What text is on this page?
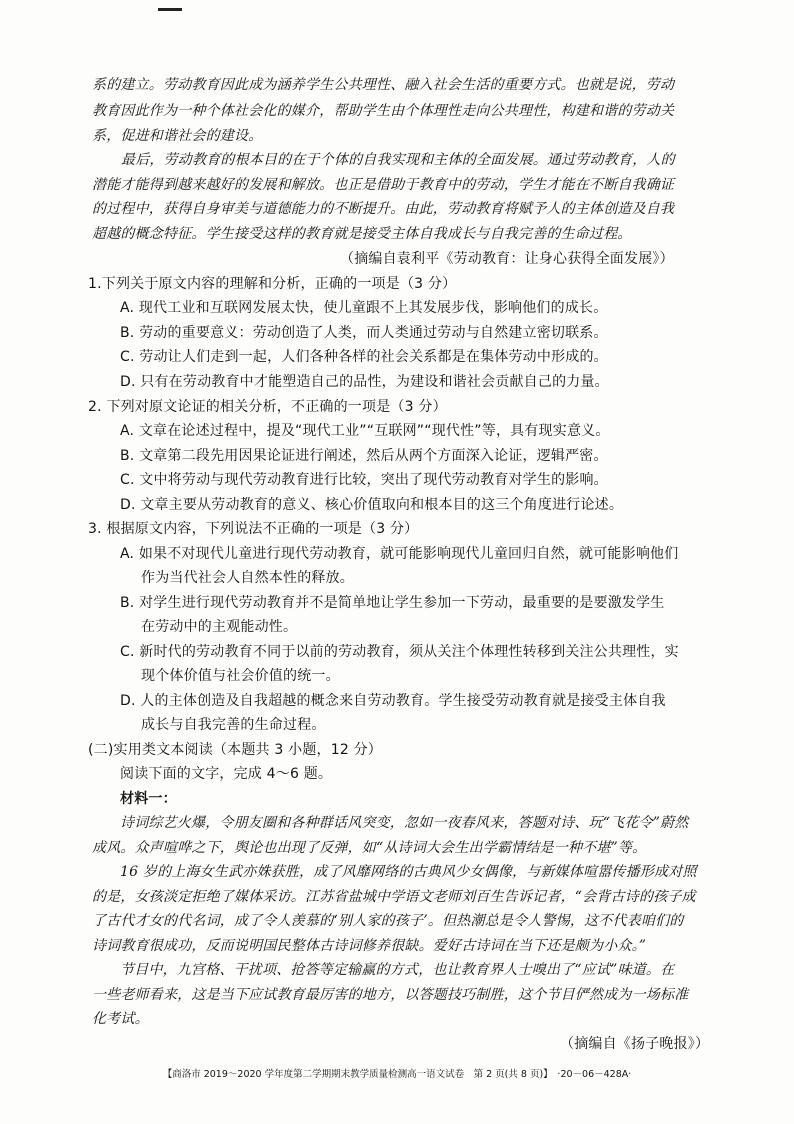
系的建立。劳动教育因此成为涵养学生公共理性、融入社会生活的重要方式。也就是说，劳动
教育因此作为一种个体社会化的媒介，帮助学生由个体理性走向公共理性，构建和谐的劳动关
系，促进和谐社会的建设。
最后，劳动教育的根本目的在于个体的自我实现和主体的全面发展。通过劳动教育，人的
潜能才能得到越来越好的发展和解放。也正是借助于教育中的劳动，学生才能在不断自我确证
的过程中，获得自身审美与道德能力的不断提升。由此，劳动教育将赋予人的主体创造及自我
超越的概念特征。学生接受这样的教育就是接受主体自我成长与自我完善的生命过程。
（摘编自袁利平《劳动教育：让身心获得全面发展》）
1.下列关于原文内容的理解和分析，正确的一项是（3 分）
A. 现代工业和互联网发展太快，使儿童跟不上其发展步伐，影响他们的成长。
B. 劳动的重要意义：劳动创造了人类，而人类通过劳动与自然建立密切联系。
C. 劳动让人们走到一起，人们各种各样的社会关系都是在集体劳动中形成的。
D. 只有在劳动教育中才能塑造自己的品性，为建设和谐社会贡献自己的力量。
2. 下列对原文论证的相关分析，不正确的一项是（3 分）
A. 文章在论述过程中，提及“现代工业”“互联网”“现代性”等，具有现实意义。
B. 文章第二段先用因果论证进行阐述，然后从两个方面深入论证，逻辑严密。
C. 文中将劳动与现代劳动教育进行比较，突出了现代劳动教育对学生的影响。
D. 文章主要从劳动教育的意义、核心价值取向和根本目的这三个角度进行论述。
3. 根据原文内容，下列说法不正确的一项是（3 分）
A. 如果不对现代儿童进行现代劳动教育，就可能影响现代儿童回归自然，就可能影响他们
作为当代社会人自然本性的释放。
B. 对学生进行现代劳动教育并不是简单地让学生参加一下劳动，最重要的是要激发学生
在劳动中的主观能动性。
C. 新时代的劳动教育不同于以前的劳动教育，须从关注个体理性转移到关注公共理性，实
现个体价值与社会价值的统一。
D. 人的主体创造及自我超越的概念来自劳动教育。学生接受劳动教育就是接受主体自我
成长与自我完善的生命过程。
(二)实用类文本阅读（本题共 3 小题，12 分）
阅读下面的文字，完成 4～6 题。
材料一：
诗词综艺火爆，令朋友圈和各种群话风突变，忽如一夜春风来，答题对诗、玩“飞花令”蔚然
成风。众声喧哗之下，舆论也出现了反弹，如“从诗词大会生出学霸情结是一种不堪”等。
16 岁的上海女生武亦姝获胜，成了风靡网络的古典风少女偶像，与新媒体喧嚣传播形成对照
的是，女孩淡定拒绝了媒体采访。江苏省盐城中学语文老师刘百生告诉记者，“会背古诗的孩子成
了古代才女的代名词，成了令人羡慕的‘别人家的孩子’。但热潮总是令人警惕，这不代表咱们的
诗词教育很成功，反而说明国民整体古诗词修养很缺。爱好古诗词在当下还是颇为小众。”
节目中，九宫格、干扰项、抢答等定输赢的方式，也让教育界人士嗅出了“应试”味道。在
一些老师看来，这是当下应试教育最厉害的地方，以答题技巧制胜，这个节目俨然成为一场标准
化考试。
（摘编自《扬子晚报》）
【商洛市 2019～2020 学年度第二学期期末教学质量检测高一语文试卷　第 2 页(共 8 页)】　·20－06－428A·
